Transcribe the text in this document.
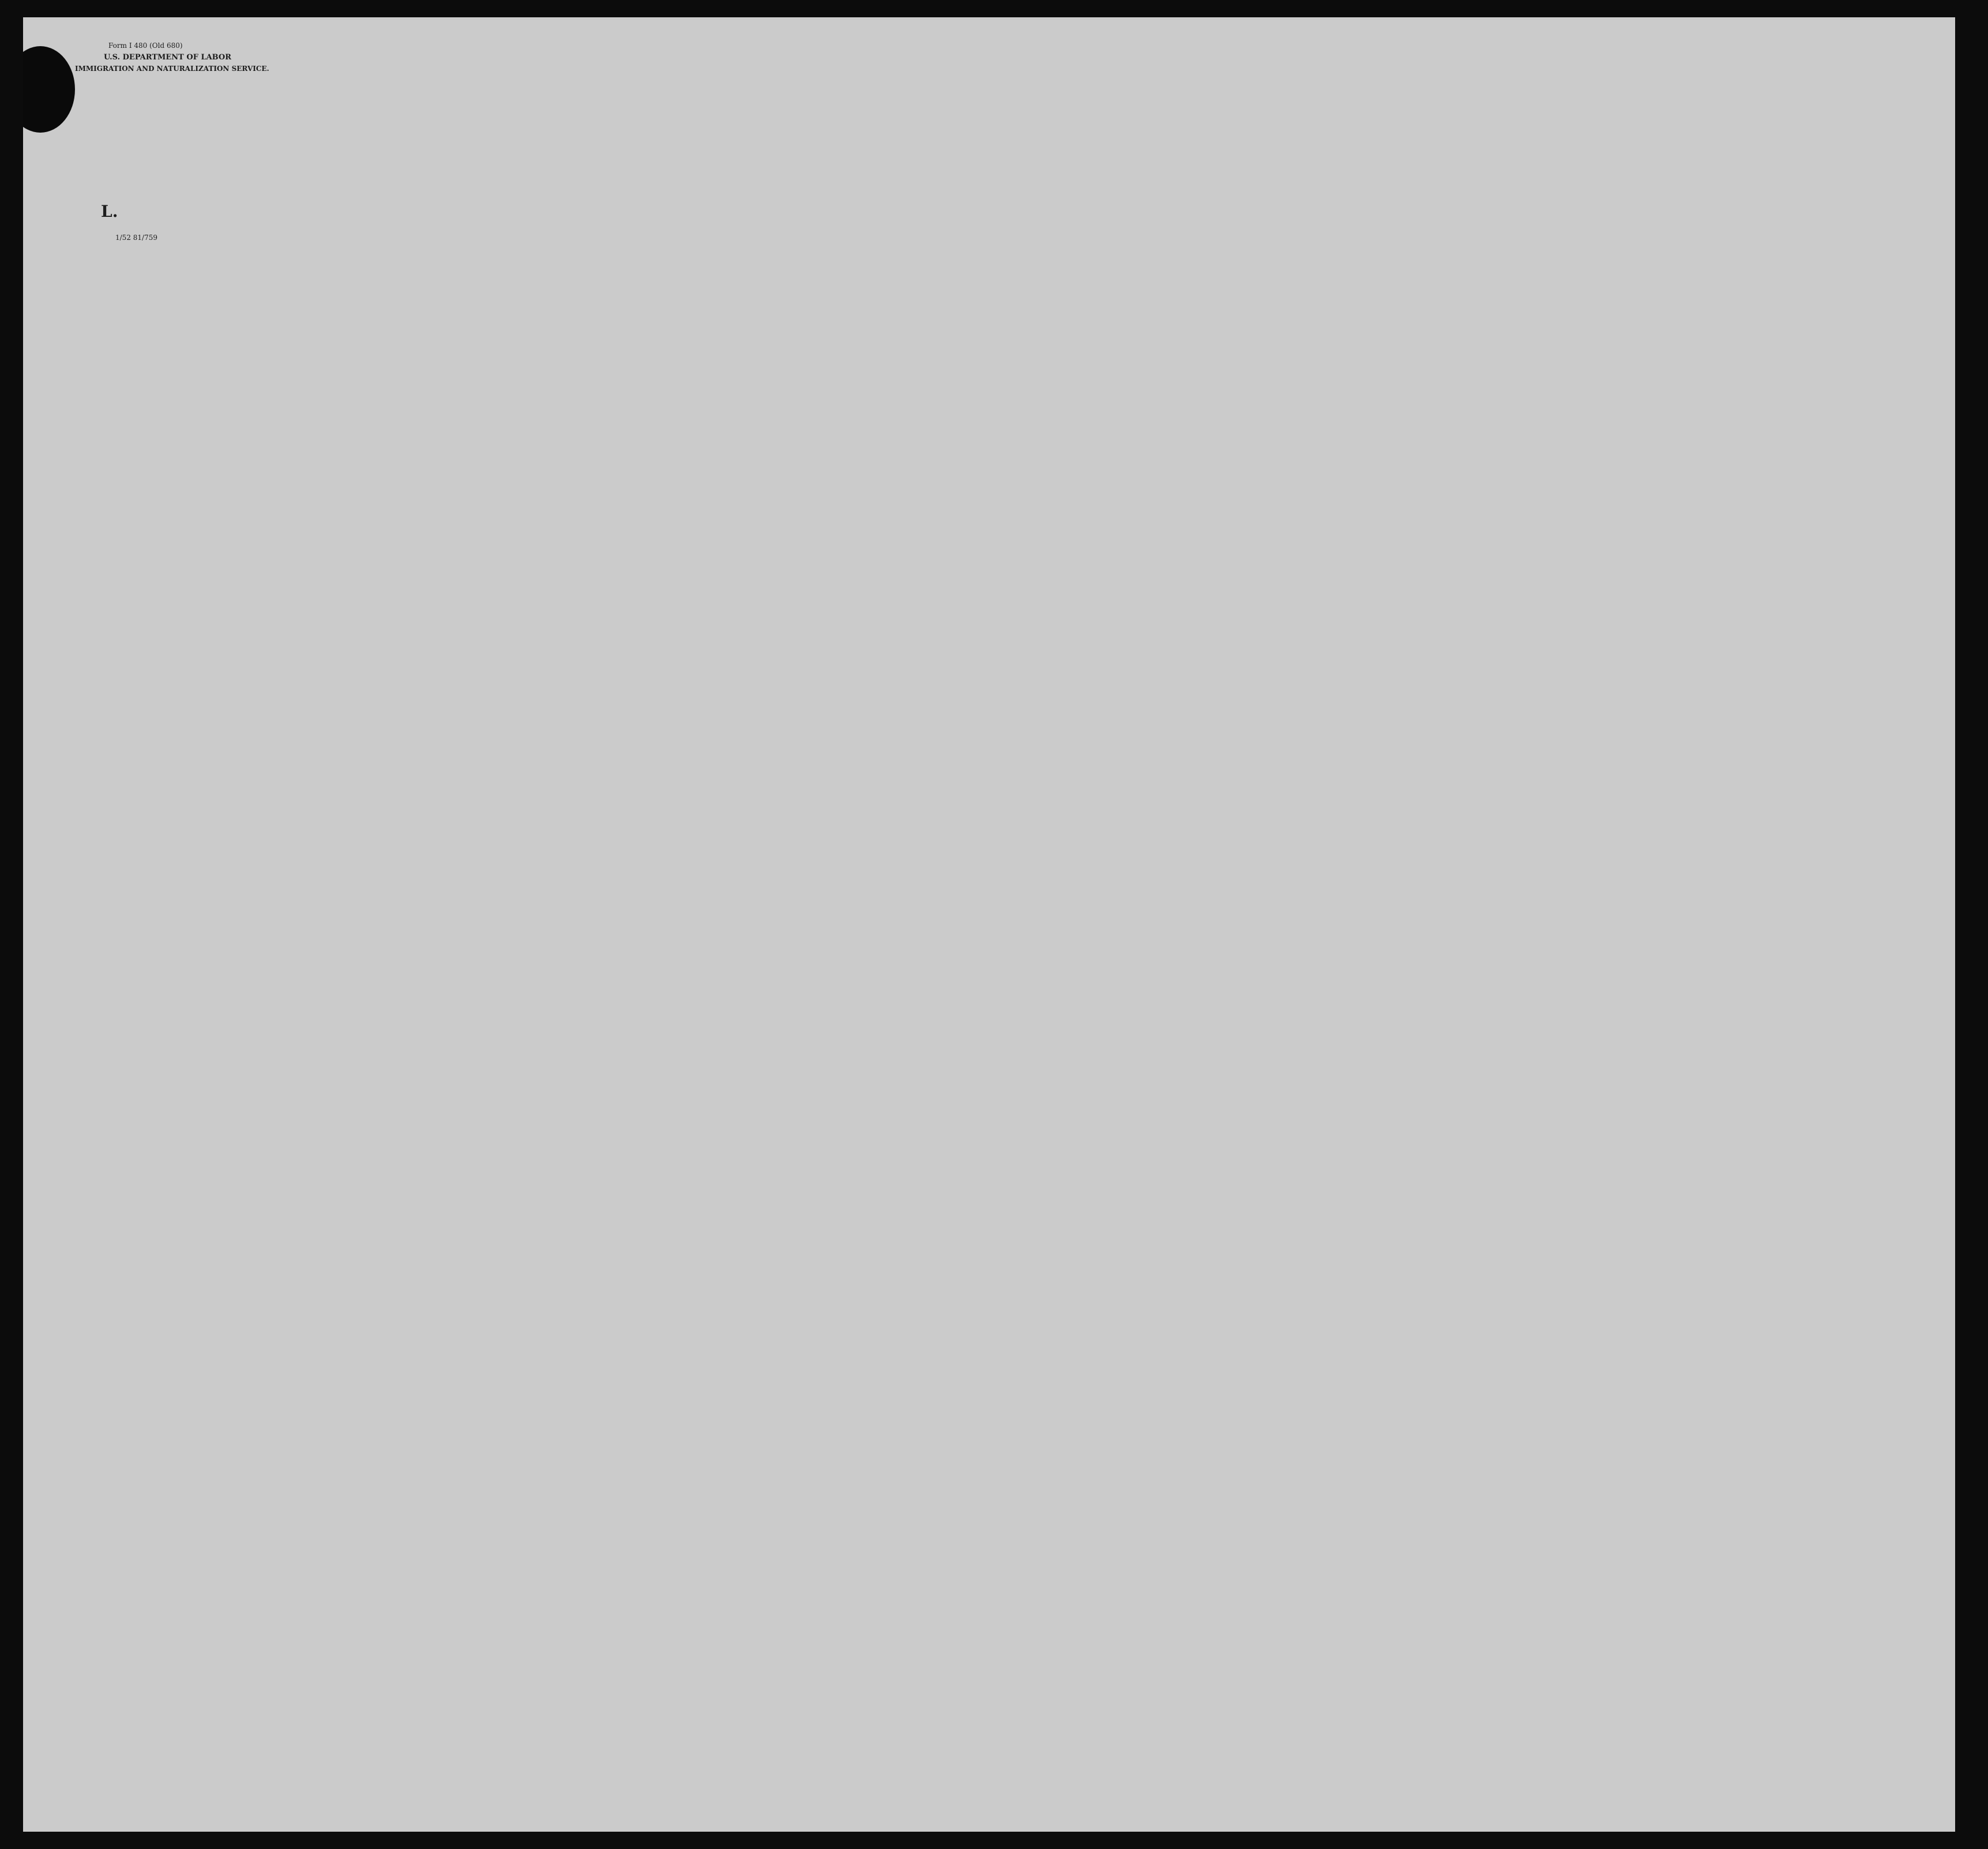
Form I 480 (Old 680)
U.S. DEPARTMENT OF LABOR
IMMIGRATION AND NATURALIZATION SERVICE.
L.
1/52 81/759
